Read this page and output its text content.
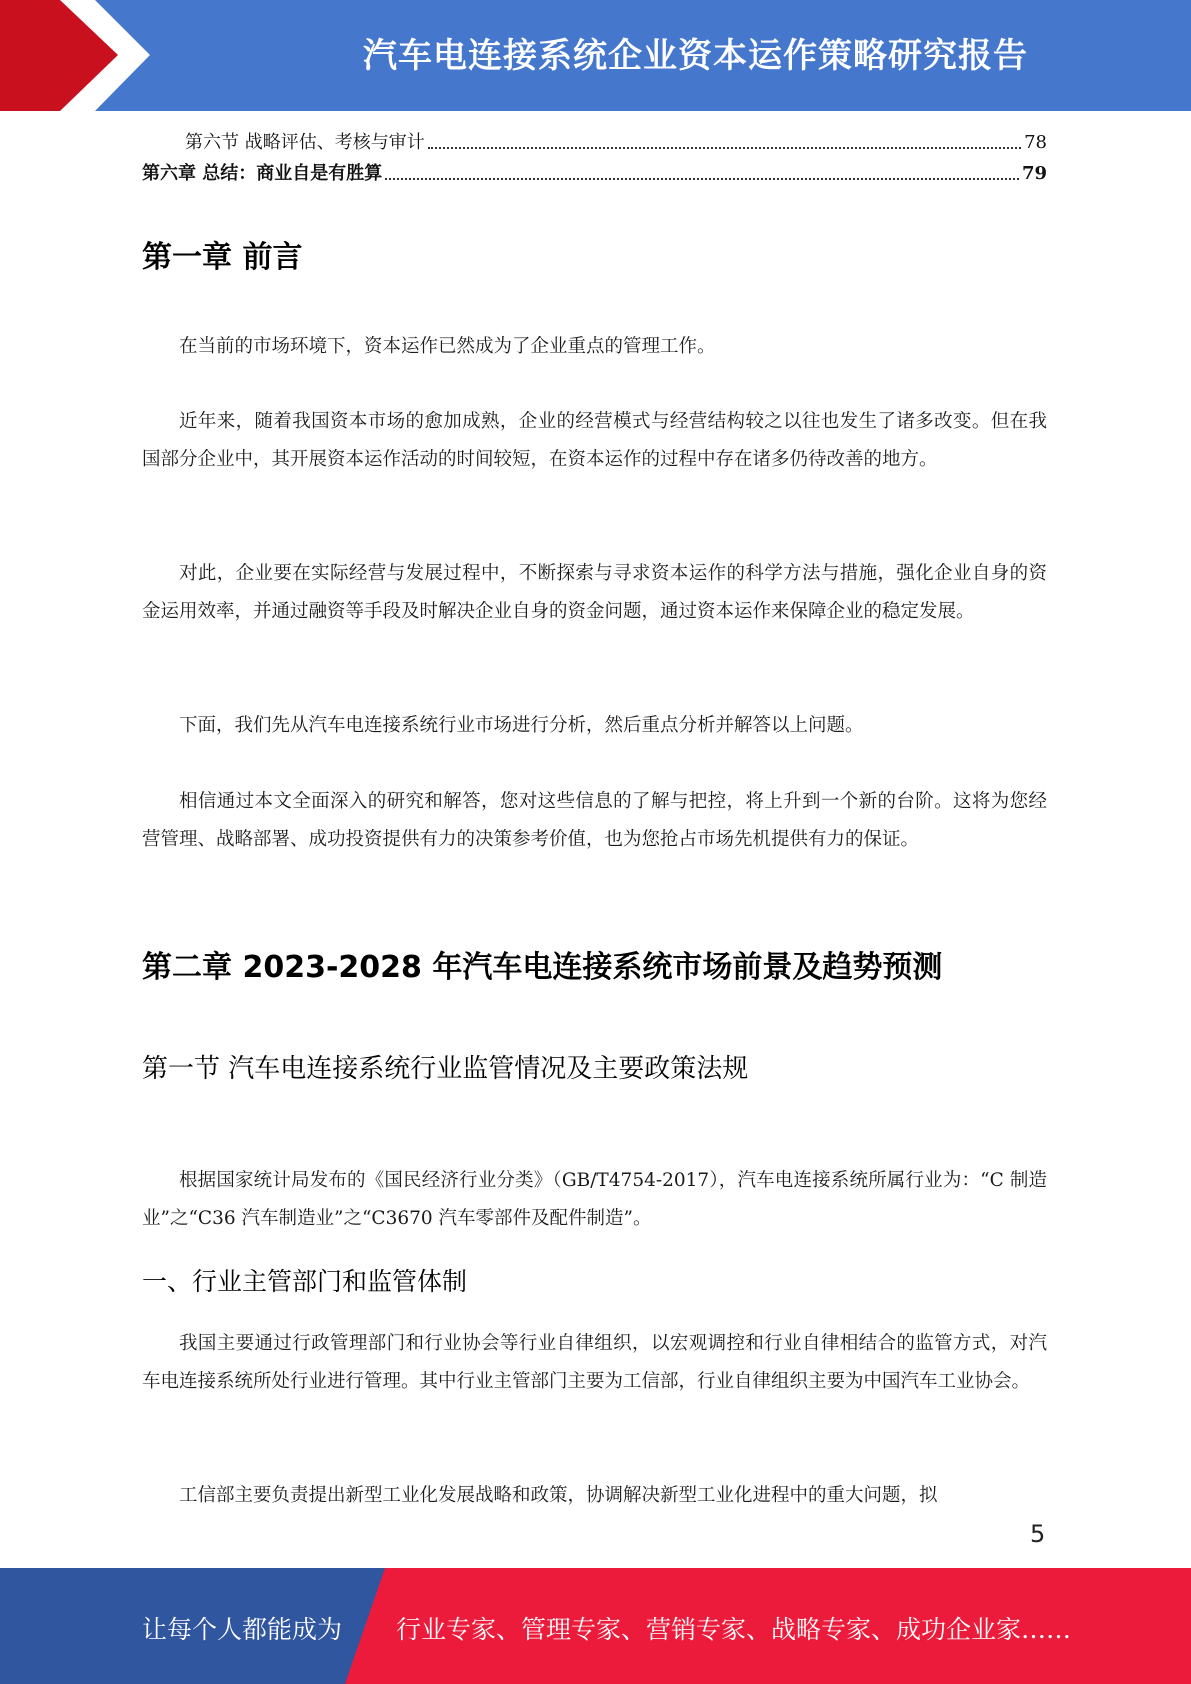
汽车电连接系统企业资本运作策略研究报告
第六节 战略评估、考核与审计	78
第六章 总结：商业自是有胜算	79
第一章 前言
在当前的市场环境下，资本运作已然成为了企业重点的管理工作。
近年来，随着我国资本市场的愈加成熟，企业的经营模式与经营结构较之以往也发生了诸多改变。但在我国部分企业中，其开展资本运作活动的时间较短，在资本运作的过程中存在诸多仍待改善的地方。
对此，企业要在实际经营与发展过程中，不断探索与寻求资本运作的科学方法与措施，强化企业自身的资金运用效率，并通过融资等手段及时解决企业自身的资金问题，通过资本运作来保障企业的稳定发展。
下面，我们先从汽车电连接系统行业市场进行分析，然后重点分析并解答以上问题。
相信通过本文全面深入的研究和解答，您对这些信息的了解与把控，将上升到一个新的台阶。这将为您经营管理、战略部署、成功投资提供有力的决策参考价值，也为您抢占市场先机提供有力的保证。
第二章 2023-2028 年汽车电连接系统市场前景及趋势预测
第一节 汽车电连接系统行业监管情况及主要政策法规
根据国家统计局发布的《国民经济行业分类》（GB/T4754-2017），汽车电连接系统所属行业为：“C 制造业”之“C36 汽车制造业”之“C3670 汽车零部件及配件制造”。
一、行业主管部门和监管体制
我国主要通过行政管理部门和行业协会等行业自律组织，以宏观调控和行业自律相结合的监管方式，对汽车电连接系统所处行业进行管理。其中行业主管部门主要为工信部，行业自律组织主要为中国汽车工业协会。
工信部主要负责提出新型工业化发展战略和政策，协调解决新型工业化进程中的重大问题，拟
5
让每个人都能成为 行业专家、管理专家、营销专家、战略专家、成功企业家……
